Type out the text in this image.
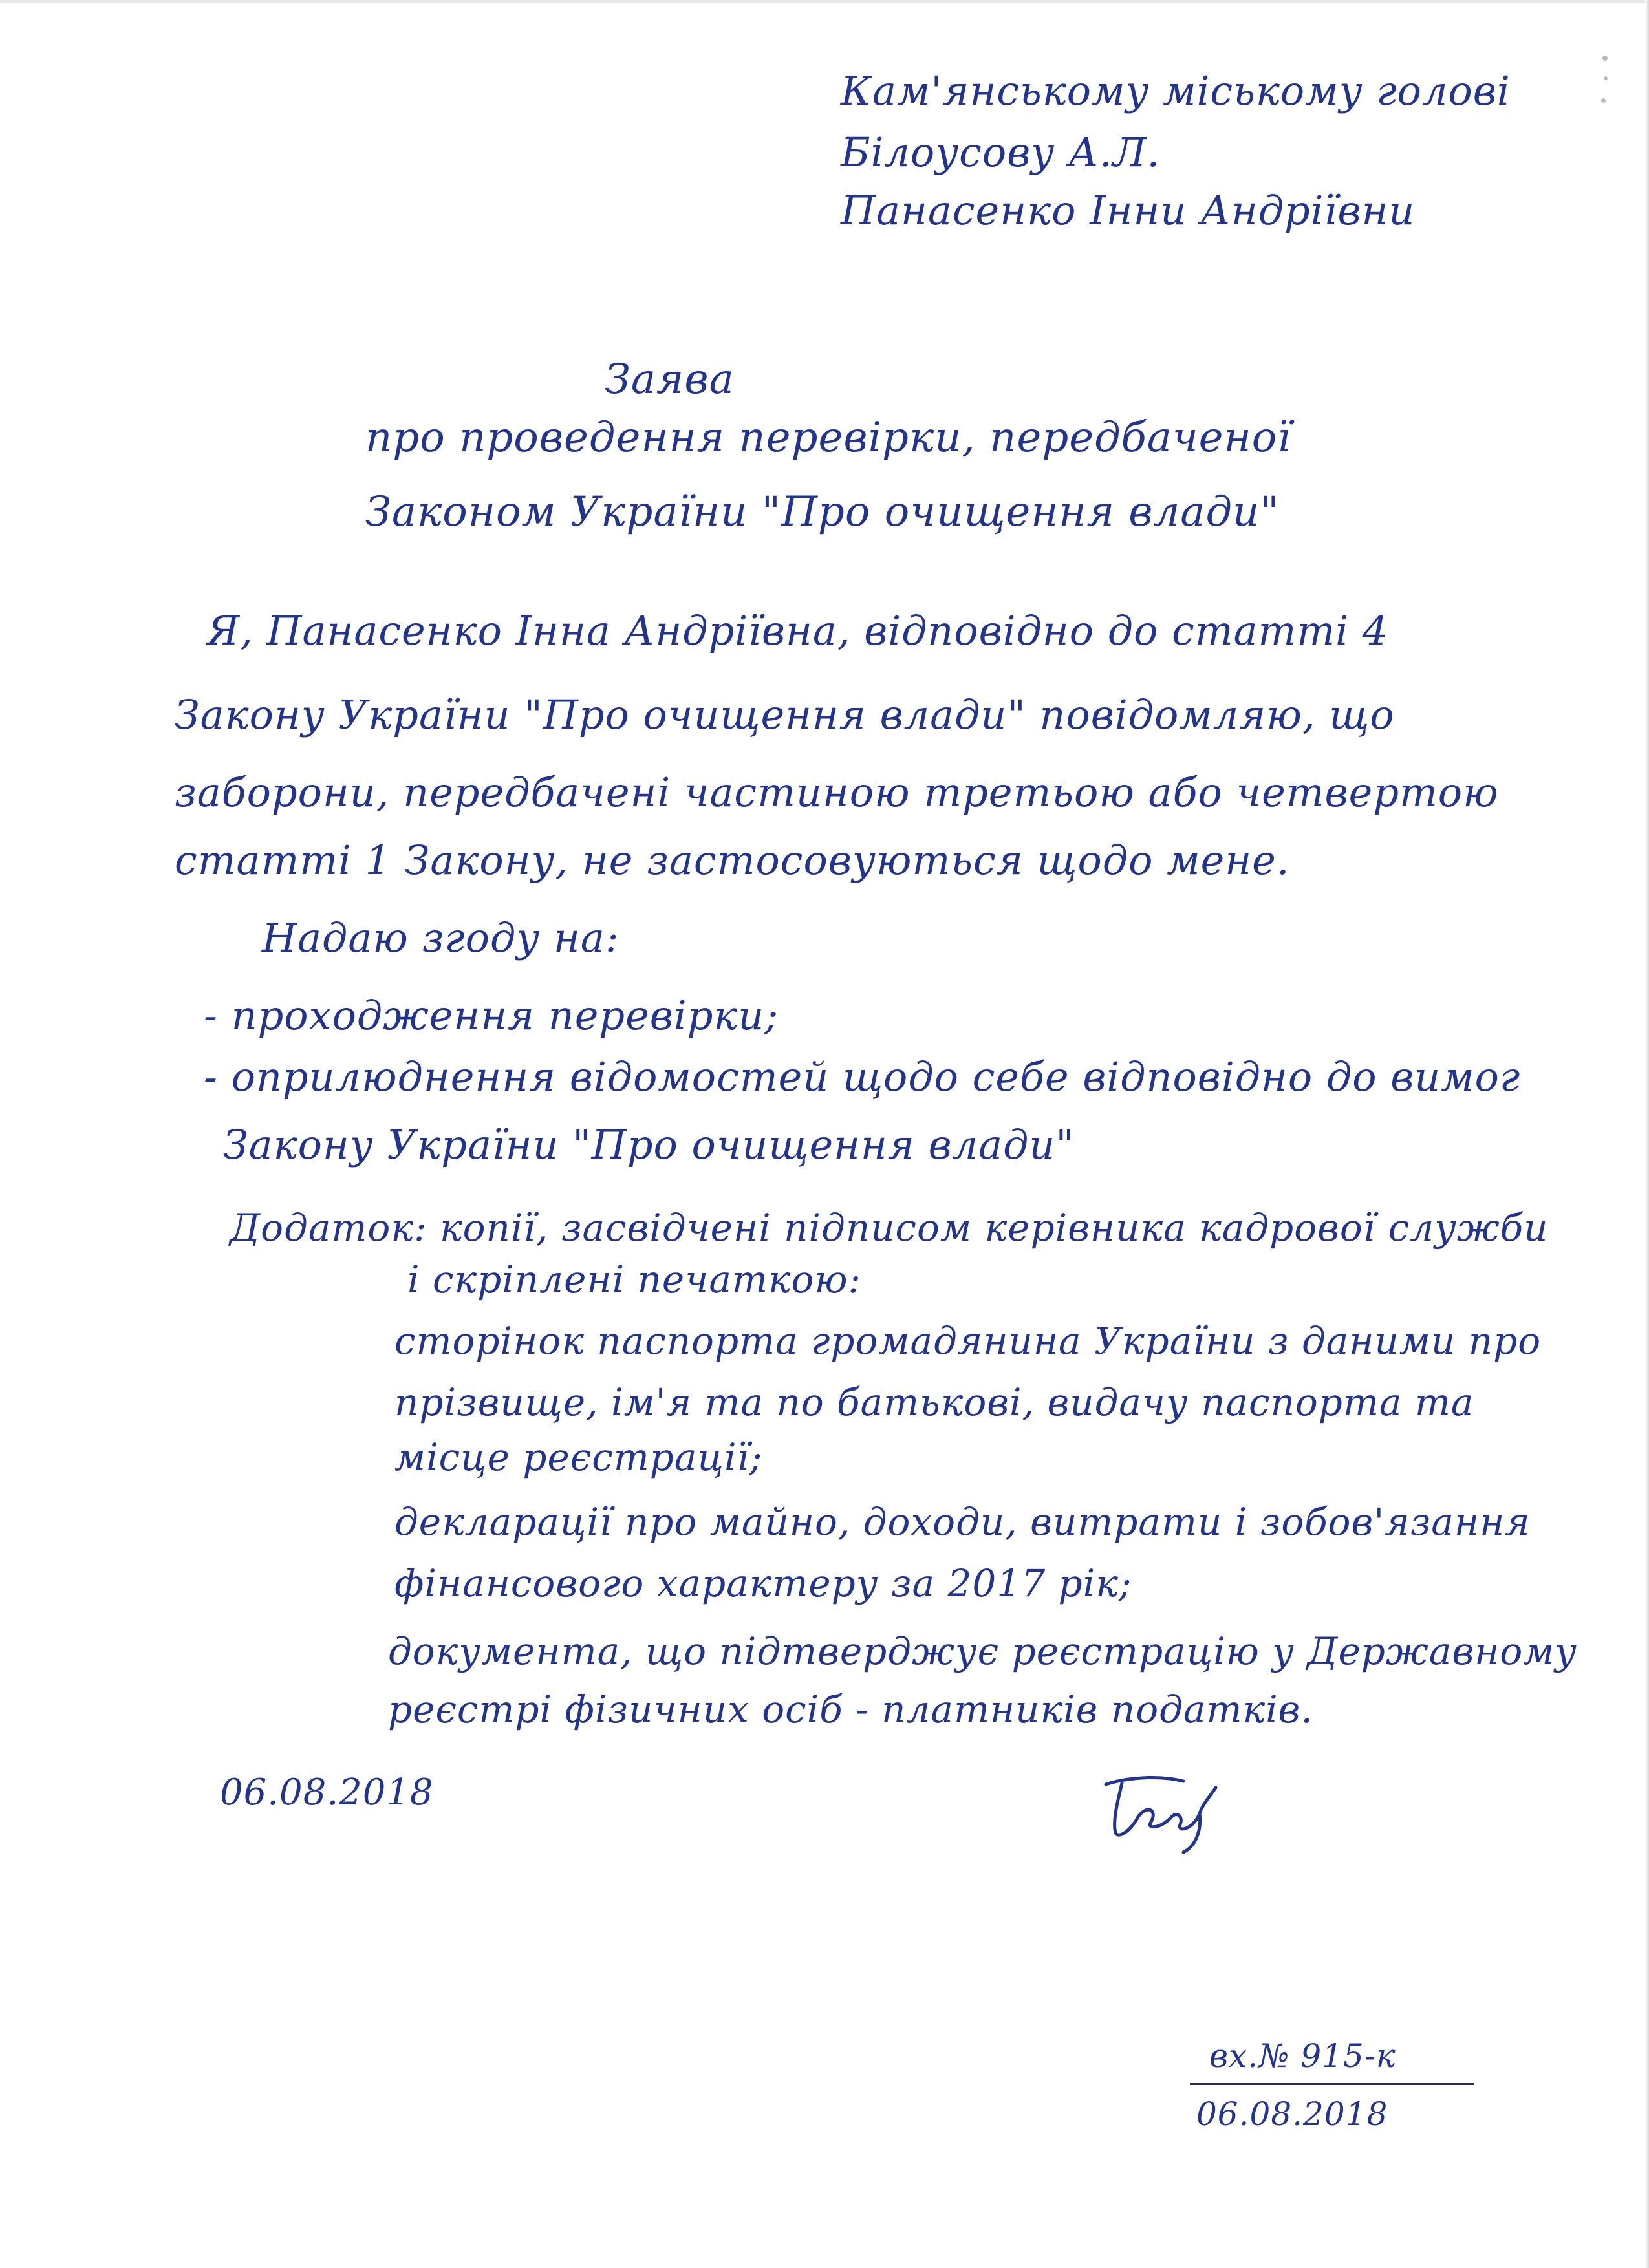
Кам'янському міському голові
Білоусову А.Л.
Панасенко Інни Андріївни
Заява
про проведення перевірки, передбаченої
Законом України "Про очищення влади"
Я, Панасенко Інна Андріївна, відповідно до статті 4
Закону України "Про очищення влади" повідомляю, що
заборони, передбачені частиною третьою або четвертою
статті 1 Закону, не застосовуються щодо мене.
Надаю згоду на:
- проходження перевірки;
- оприлюднення відомостей щодо себе відповідно до вимог
Закону України "Про очищення влади"
Додаток: копії, засвідчені підписом керівника кадрової служби
і скріплені печаткою:
сторінок паспорта громадянина України з даними про
прізвище, ім'я та по батькові, видачу паспорта та
місце реєстрації;
декларації про майно, доходи, витрати і зобов'язання
фінансового характеру за 2017 рік;
документа, що підтверджує реєстрацію у Державному
реєстрі фізичних осіб - платників податків.
06.08.2018
вх.№ 915-к
06.08.2018
